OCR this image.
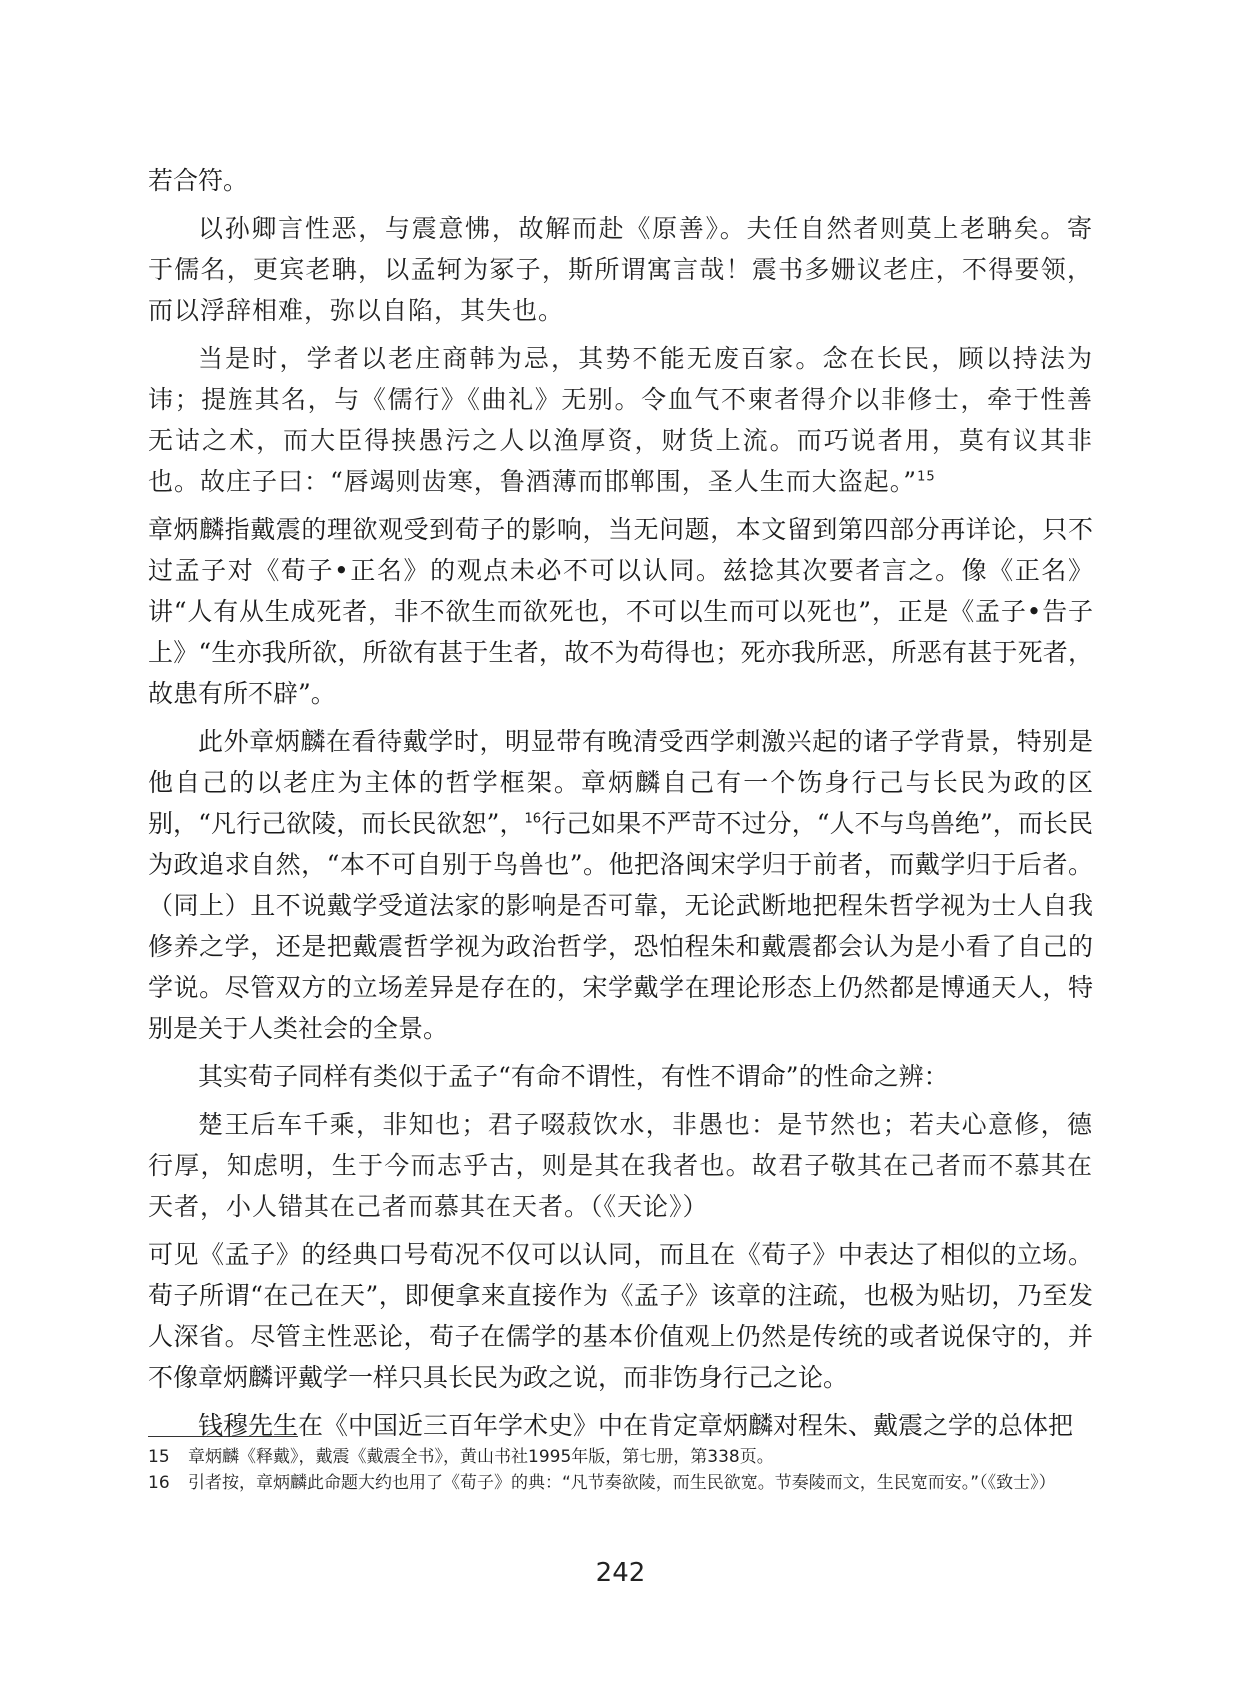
若合符。

以孙卿言性恶，与震意怫，故解而赴《原善》。夫任自然者则莫上老聃矣。寄于儒名，更宾老聃，以孟轲为冢子，斯所谓寓言哉！震书多姗议老庄，不得要领，而以浮辞相难，弥以自陷，其失也。

当是时，学者以老庄商韩为忌，其势不能无废百家。念在长民，顾以持法为讳；提旌其名，与《儒行》《曲礼》无别。令血气不柬者得介以非修士，牵于性善无诂之术，而大臣得挟愚污之人以渔厚资，财货上流。而巧说者用，莫有议其非也。故庄子曰：“唇竭则齿寒，鲁酒薄而邯郸围，圣人生而大盗起。”$^{15}$

章炳麟指戴震的理欲观受到荀子的影响，当无问题，本文留到第四部分再详论，只不过孟子对《荀子•正名》的观点未必不可以认同。兹捻其次要者言之。像《正名》讲“人有从生成死者，非不欲生而欲死也，不可以生而可以死也”，正是《孟子•告子上》“生亦我所欲，所欲有甚于生者，故不为苟得也；死亦我所恶，所恶有甚于死者，故患有所不辟”。

此外章炳麟在看待戴学时，明显带有晚清受西学刺激兴起的诸子学背景，特别是他自己的以老庄为主体的哲学框架。章炳麟自己有一个饬身行己与长民为政的区别，“凡行己欲陵，而长民欲恕”，$^{16}$行己如果不严苛不过分，“人不与鸟兽绝”，而长民为政追求自然，“本不可自别于鸟兽也”。他把洛闽宋学归于前者，而戴学归于后者。（同上）且不说戴学受道法家的影响是否可靠，无论武断地把程朱哲学视为士人自我修养之学，还是把戴震哲学视为政治哲学，恐怕程朱和戴震都会认为是小看了自己的学说。尽管双方的立场差异是存在的，宋学戴学在理论形态上仍然都是博通天人，特别是关于人类社会的全景。

其实荀子同样有类似于孟子“有命不谓性，有性不谓命”的性命之辨：

楚王后车千乘，非知也；君子啜菽饮水，非愚也：是节然也；若夫心意修，德行厚，知虑明，生于今而志乎古，则是其在我者也。故君子敬其在己者而不慕其在天者，小人错其在己者而慕其在天者。（《天论》）

可见《孟子》的经典口号荀况不仅可以认同，而且在《荀子》中表达了相似的立场。荀子所谓“在己在天”，即便拿来直接作为《孟子》该章的注疏，也极为贴切，乃至发人深省。尽管主性恶论，荀子在儒学的基本价值观上仍然是传统的或者说保守的，并不像章炳麟评戴学一样只具长民为政之说，而非饬身行己之论。

钱穆先生在《中国近三百年学术史》中在肯定章炳麟对程朱、戴震之学的总体把

15 章炳麟《释戴》，戴震《戴震全书》，黄山书社1995年版，第七册，第338页。

16 引者按，章炳麟此命题大约也用了《荀子》的典：“凡节奏欲陵，而生民欲宽。节奏陵而文，生民宽而安。”（《致士》）

242
